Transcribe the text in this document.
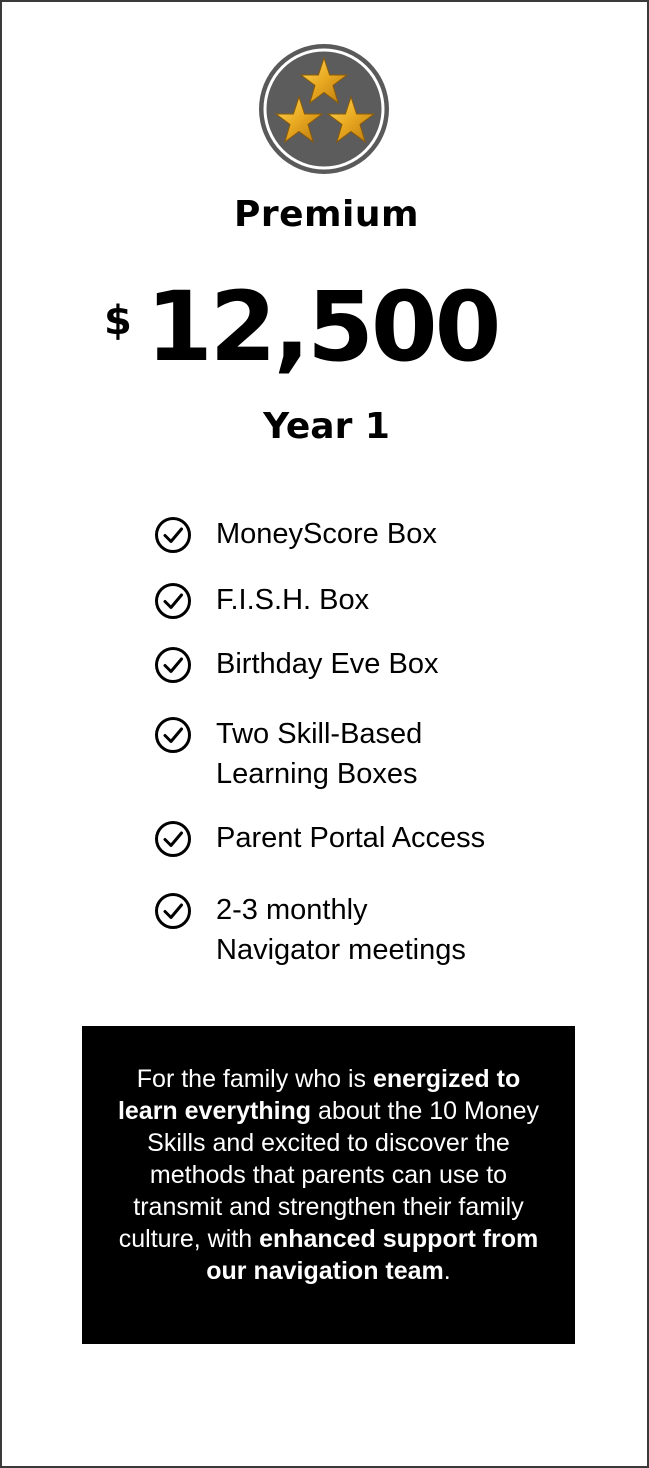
Premium
$ 12,500
Year 1
MoneyScore Box
F.I.S.H. Box
Birthday Eve Box
Two Skill-Based Learning Boxes
Parent Portal Access
2-3 monthly Navigator meetings
For the family who is energized to learn everything about the 10 Money Skills and excited to discover the methods that parents can use to transmit and strengthen their family culture, with enhanced support from our navigation team.
